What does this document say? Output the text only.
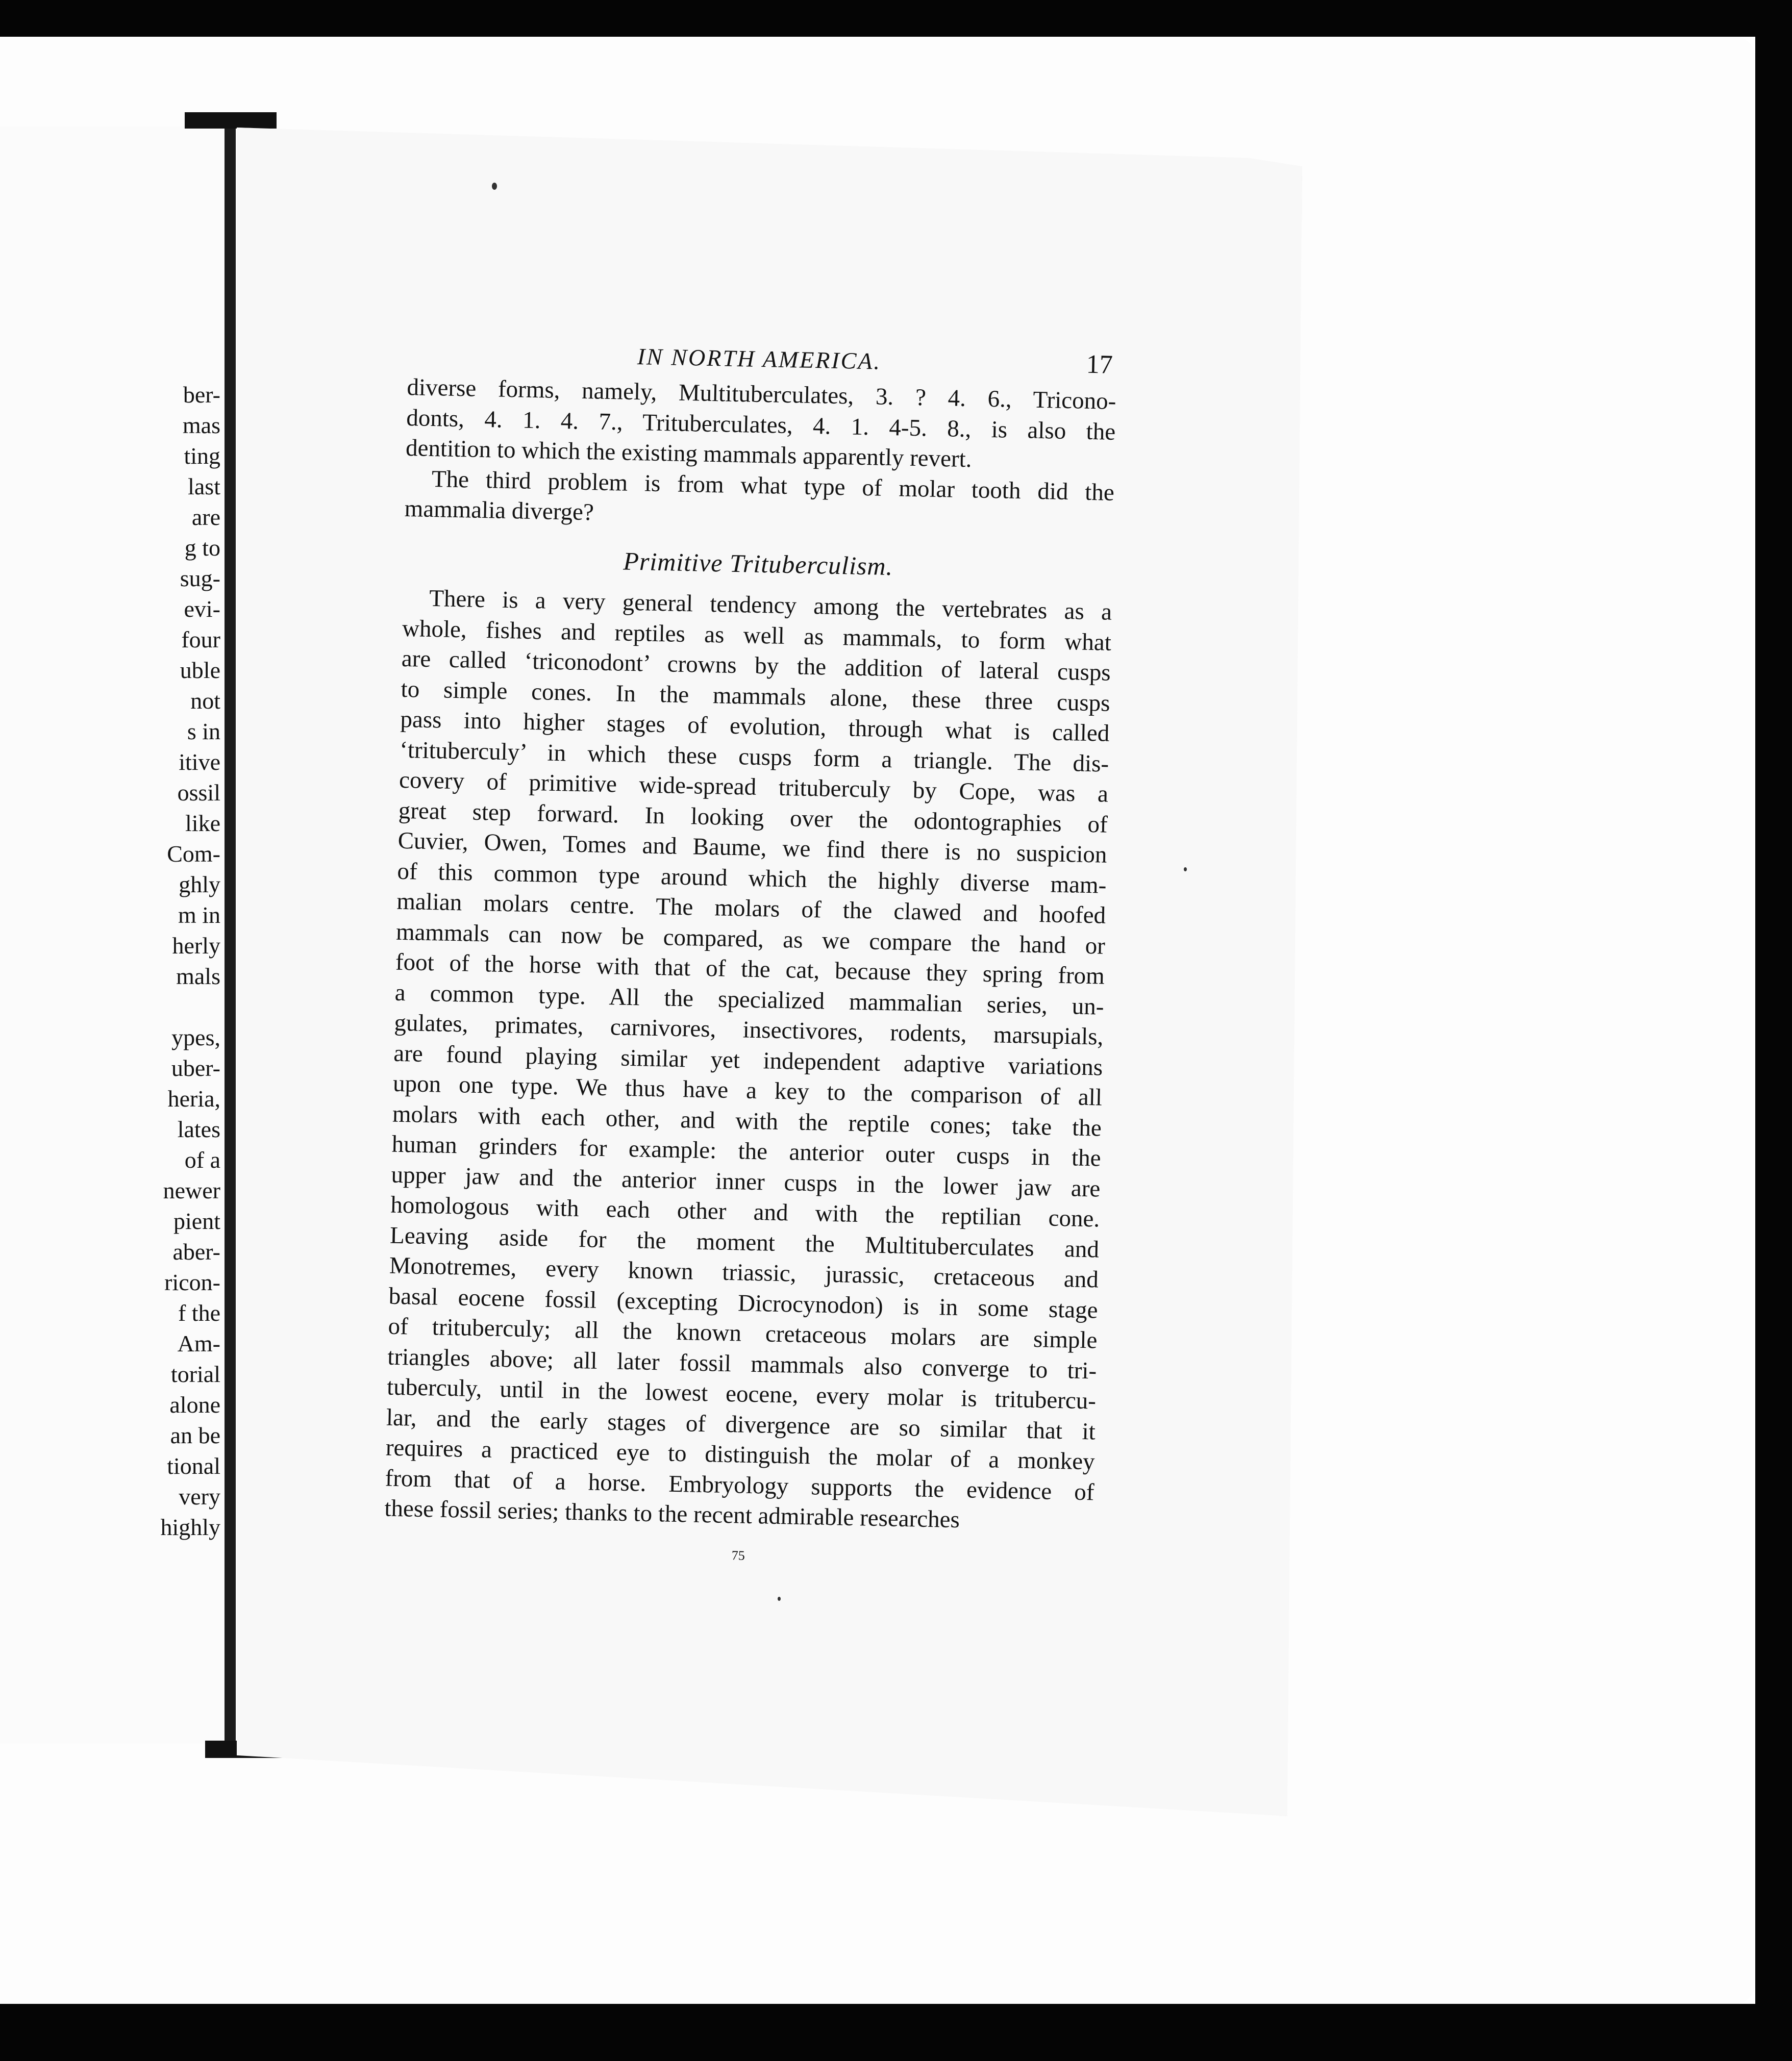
ber-
mas
ting
last
are
g to
sug-
evi-
four
uble
not
s in
itive
ossil
like
Com-
ghly
m in
herly
mals
ypes,
uber-
heria,
lates
of a
newer
pient
aber-
ricon-
f the
Am-
torial
alone
an be
tional
very
highly
IN NORTH AMERICA.	17
diverse forms, namely, Multituberculates, 3. ? 4. 6., Tricono-
donts, 4. 1. 4. 7., Trituberculates, 4. 1. 4-5. 8., is also the
dentition to which the existing mammals apparently revert.
The third problem is from what type of molar tooth did the
mammalia diverge?
Primitive Trituberculism.
There is a very general tendency among the vertebrates as a
whole, fishes and reptiles as well as mammals, to form what
are called ‘triconodont’ crowns by the addition of lateral cusps
to simple cones. In the mammals alone, these three cusps
pass into higher stages of evolution, through what is called
‘trituberculy’ in which these cusps form a triangle. The dis-
covery of primitive wide-spread trituberculy by Cope, was a
great step forward. In looking over the odontographies of
Cuvier, Owen, Tomes and Baume, we find there is no suspicion
of this common type around which the highly diverse mam-
malian molars centre. The molars of the clawed and hoofed
mammals can now be compared, as we compare the hand or
foot of the horse with that of the cat, because they spring from
a common type. All the specialized mammalian series, un-
gulates, primates, carnivores, insectivores, rodents, marsupials,
are found playing similar yet independent adaptive variations
upon one type. We thus have a key to the comparison of all
molars with each other, and with the reptile cones; take the
human grinders for example: the anterior outer cusps in the
upper jaw and the anterior inner cusps in the lower jaw are
homologous with each other and with the reptilian cone.
Leaving aside for the moment the Multituberculates and
Monotremes, every known triassic, jurassic, cretaceous and
basal eocene fossil (excepting Dicrocynodon) is in some stage
of trituberculy; all the known cretaceous molars are simple
triangles above; all later fossil mammals also converge to tri-
tuberculy, until in the lowest eocene, every molar is tritubercu-
lar, and the early stages of divergence are so similar that it
requires a practiced eye to distinguish the molar of a monkey
from that of a horse. Embryology supports the evidence of
these fossil series; thanks to the recent admirable researches
75
